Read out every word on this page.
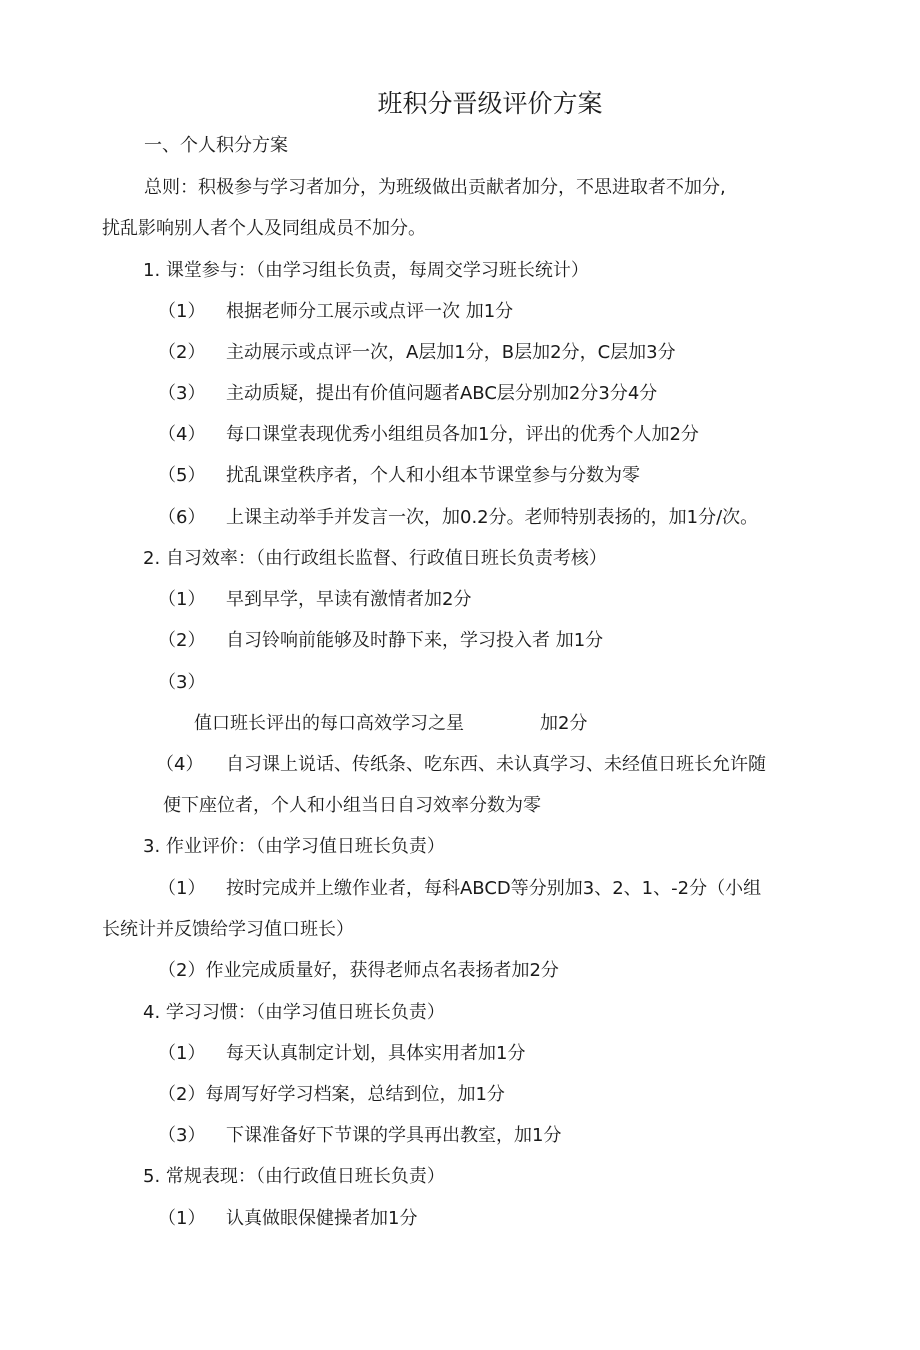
班积分晋级评价方案
一、个人积分方案
总则：积极参与学习者加分，为班级做出贡献者加分，不思进取者不加分,
扰乱影响别人者个人及同组成员不加分。
1. 课堂参与：（由学习组长负责，每周交学习班长统计）
（1） 根据老师分工展示或点评一次 加1分
（2） 主动展示或点评一次，A层加1分，B层加2分，C层加3分
（3） 主动质疑，提出有价值问题者ABC层分别加2分3分4分
（4） 每口课堂表现优秀小组组员各加1分，评出的优秀个人加2分
（5） 扰乱课堂秩序者，个人和小组本节课堂参与分数为零
（6） 上课主动举手并发言一次，加0.2分。老师特别表扬的，加1分/次。
2. 自习效率：（由行政组长监督、行政值日班长负责考核）
（1） 早到早学，早读有激情者加2分
（2） 自习铃响前能够及时静下来，学习投入者 加1分
（3）
值口班长评出的每口高效学习之星	加2分
（4） 自习课上说话、传纸条、吃东西、未认真学习、未经值日班长允许随
便下座位者，个人和小组当日自习效率分数为零
3. 作业评价：（由学习值日班长负责）
（1） 按时完成并上缴作业者，每科ABCD等分别加3、2、1、-2分（小组
长统计并反馈给学习值口班长）
（2）作业完成质量好，获得老师点名表扬者加2分
4. 学习习惯：（由学习值日班长负责）
（1） 每天认真制定计划，具体实用者加1分
（2）每周写好学习档案，总结到位，加1分
（3） 下课准备好下节课的学具再出教室，加1分
5. 常规表现：（由行政值日班长负责）
（1） 认真做眼保健操者加1分
